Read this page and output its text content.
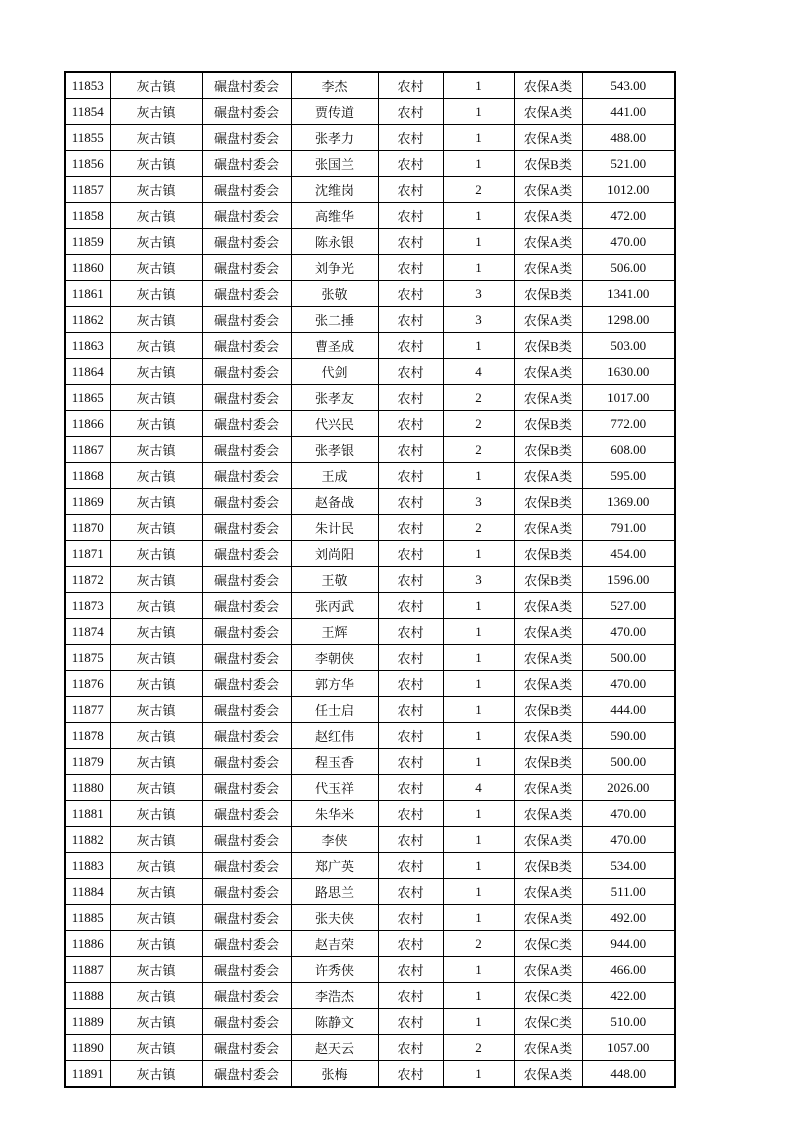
11853	灰古镇	碾盘村委会	李杰	农村	1	农保A类	543.00
11854	灰古镇	碾盘村委会	贾传道	农村	1	农保A类	441.00
11855	灰古镇	碾盘村委会	张孝力	农村	1	农保A类	488.00
11856	灰古镇	碾盘村委会	张国兰	农村	1	农保B类	521.00
11857	灰古镇	碾盘村委会	沈维岗	农村	2	农保A类	1012.00
11858	灰古镇	碾盘村委会	高维华	农村	1	农保A类	472.00
11859	灰古镇	碾盘村委会	陈永银	农村	1	农保A类	470.00
11860	灰古镇	碾盘村委会	刘争光	农村	1	农保A类	506.00
11861	灰古镇	碾盘村委会	张敬	农村	3	农保B类	1341.00
11862	灰古镇	碾盘村委会	张二捶	农村	3	农保A类	1298.00
11863	灰古镇	碾盘村委会	曹圣成	农村	1	农保B类	503.00
11864	灰古镇	碾盘村委会	代剑	农村	4	农保A类	1630.00
11865	灰古镇	碾盘村委会	张孝友	农村	2	农保A类	1017.00
11866	灰古镇	碾盘村委会	代兴民	农村	2	农保B类	772.00
11867	灰古镇	碾盘村委会	张孝银	农村	2	农保B类	608.00
11868	灰古镇	碾盘村委会	王成	农村	1	农保A类	595.00
11869	灰古镇	碾盘村委会	赵备战	农村	3	农保B类	1369.00
11870	灰古镇	碾盘村委会	朱计民	农村	2	农保A类	791.00
11871	灰古镇	碾盘村委会	刘尚阳	农村	1	农保B类	454.00
11872	灰古镇	碾盘村委会	王敬	农村	3	农保B类	1596.00
11873	灰古镇	碾盘村委会	张丙武	农村	1	农保A类	527.00
11874	灰古镇	碾盘村委会	王辉	农村	1	农保A类	470.00
11875	灰古镇	碾盘村委会	李朝侠	农村	1	农保A类	500.00
11876	灰古镇	碾盘村委会	郭方华	农村	1	农保A类	470.00
11877	灰古镇	碾盘村委会	任士启	农村	1	农保B类	444.00
11878	灰古镇	碾盘村委会	赵红伟	农村	1	农保A类	590.00
11879	灰古镇	碾盘村委会	程玉香	农村	1	农保B类	500.00
11880	灰古镇	碾盘村委会	代玉祥	农村	4	农保A类	2026.00
11881	灰古镇	碾盘村委会	朱华米	农村	1	农保A类	470.00
11882	灰古镇	碾盘村委会	李侠	农村	1	农保A类	470.00
11883	灰古镇	碾盘村委会	郑广英	农村	1	农保B类	534.00
11884	灰古镇	碾盘村委会	路思兰	农村	1	农保A类	511.00
11885	灰古镇	碾盘村委会	张夫侠	农村	1	农保A类	492.00
11886	灰古镇	碾盘村委会	赵吉荣	农村	2	农保C类	944.00
11887	灰古镇	碾盘村委会	许秀侠	农村	1	农保A类	466.00
11888	灰古镇	碾盘村委会	李浩杰	农村	1	农保C类	422.00
11889	灰古镇	碾盘村委会	陈静文	农村	1	农保C类	510.00
11890	灰古镇	碾盘村委会	赵天云	农村	2	农保A类	1057.00
11891	灰古镇	碾盘村委会	张梅	农村	1	农保A类	448.00
